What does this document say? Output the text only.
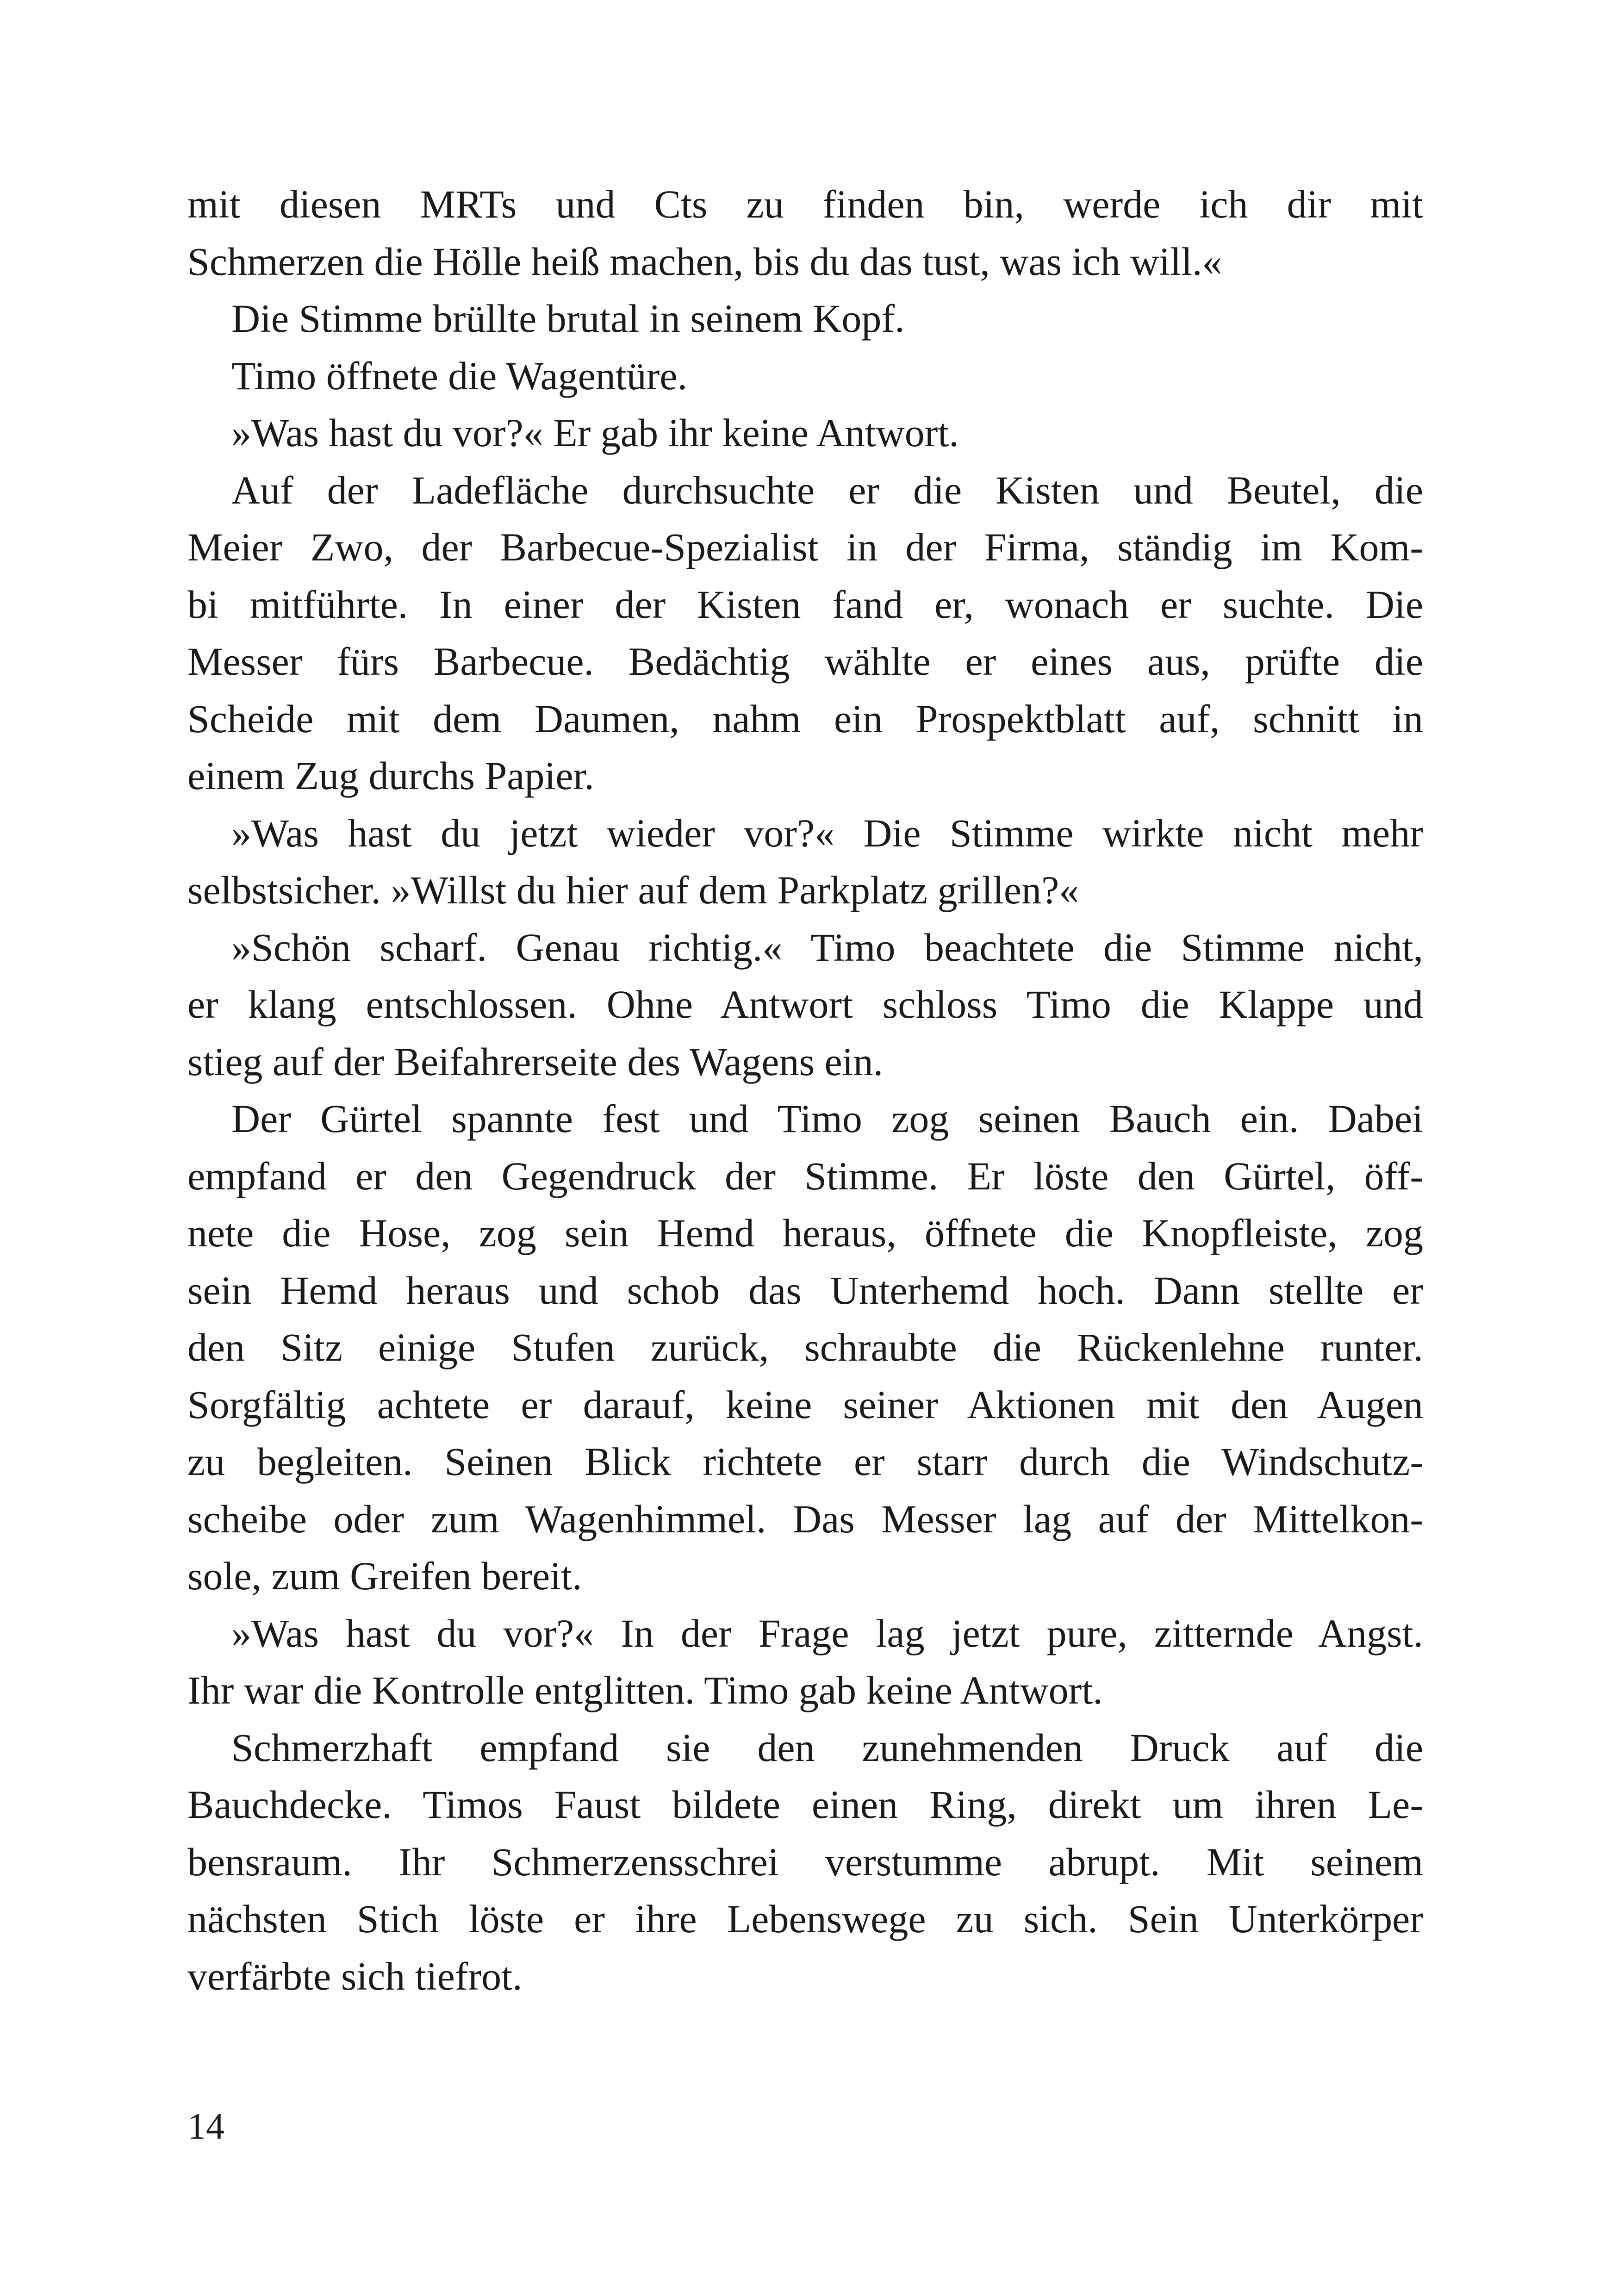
mit diesen MRTs und Cts zu finden bin, werde ich dir mit
Schmerzen die Hölle heiß machen, bis du das tust, was ich will.«
Die Stimme brüllte brutal in seinem Kopf.
Timo öffnete die Wagentüre.
»Was hast du vor?« Er gab ihr keine Antwort.
Auf der Ladefläche durchsuchte er die Kisten und Beutel, die
Meier Zwo, der Barbecue-Spezialist in der Firma, ständig im Kom-
bi mitführte. In einer der Kisten fand er, wonach er suchte. Die
Messer fürs Barbecue. Bedächtig wählte er eines aus, prüfte die
Scheide mit dem Daumen, nahm ein Prospektblatt auf, schnitt in
einem Zug durchs Papier.
»Was hast du jetzt wieder vor?« Die Stimme wirkte nicht mehr
selbstsicher. »Willst du hier auf dem Parkplatz grillen?«
»Schön scharf. Genau richtig.« Timo beachtete die Stimme nicht,
er klang entschlossen. Ohne Antwort schloss Timo die Klappe und
stieg auf der Beifahrerseite des Wagens ein.
Der Gürtel spannte fest und Timo zog seinen Bauch ein. Dabei
empfand er den Gegendruck der Stimme. Er löste den Gürtel, öff-
nete die Hose, zog sein Hemd heraus, öffnete die Knopfleiste, zog
sein Hemd heraus und schob das Unterhemd hoch. Dann stellte er
den Sitz einige Stufen zurück, schraubte die Rückenlehne runter.
Sorgfältig achtete er darauf, keine seiner Aktionen mit den Augen
zu begleiten. Seinen Blick richtete er starr durch die Windschutz-
scheibe oder zum Wagenhimmel. Das Messer lag auf der Mittelkon-
sole, zum Greifen bereit.
»Was hast du vor?« In der Frage lag jetzt pure, zitternde Angst.
Ihr war die Kontrolle entglitten. Timo gab keine Antwort.
Schmerzhaft empfand sie den zunehmenden Druck auf die
Bauchdecke. Timos Faust bildete einen Ring, direkt um ihren Le-
bensraum. Ihr Schmerzensschrei verstumme abrupt. Mit seinem
nächsten Stich löste er ihre Lebenswege zu sich. Sein Unterkörper
verfärbte sich tiefrot.
14
